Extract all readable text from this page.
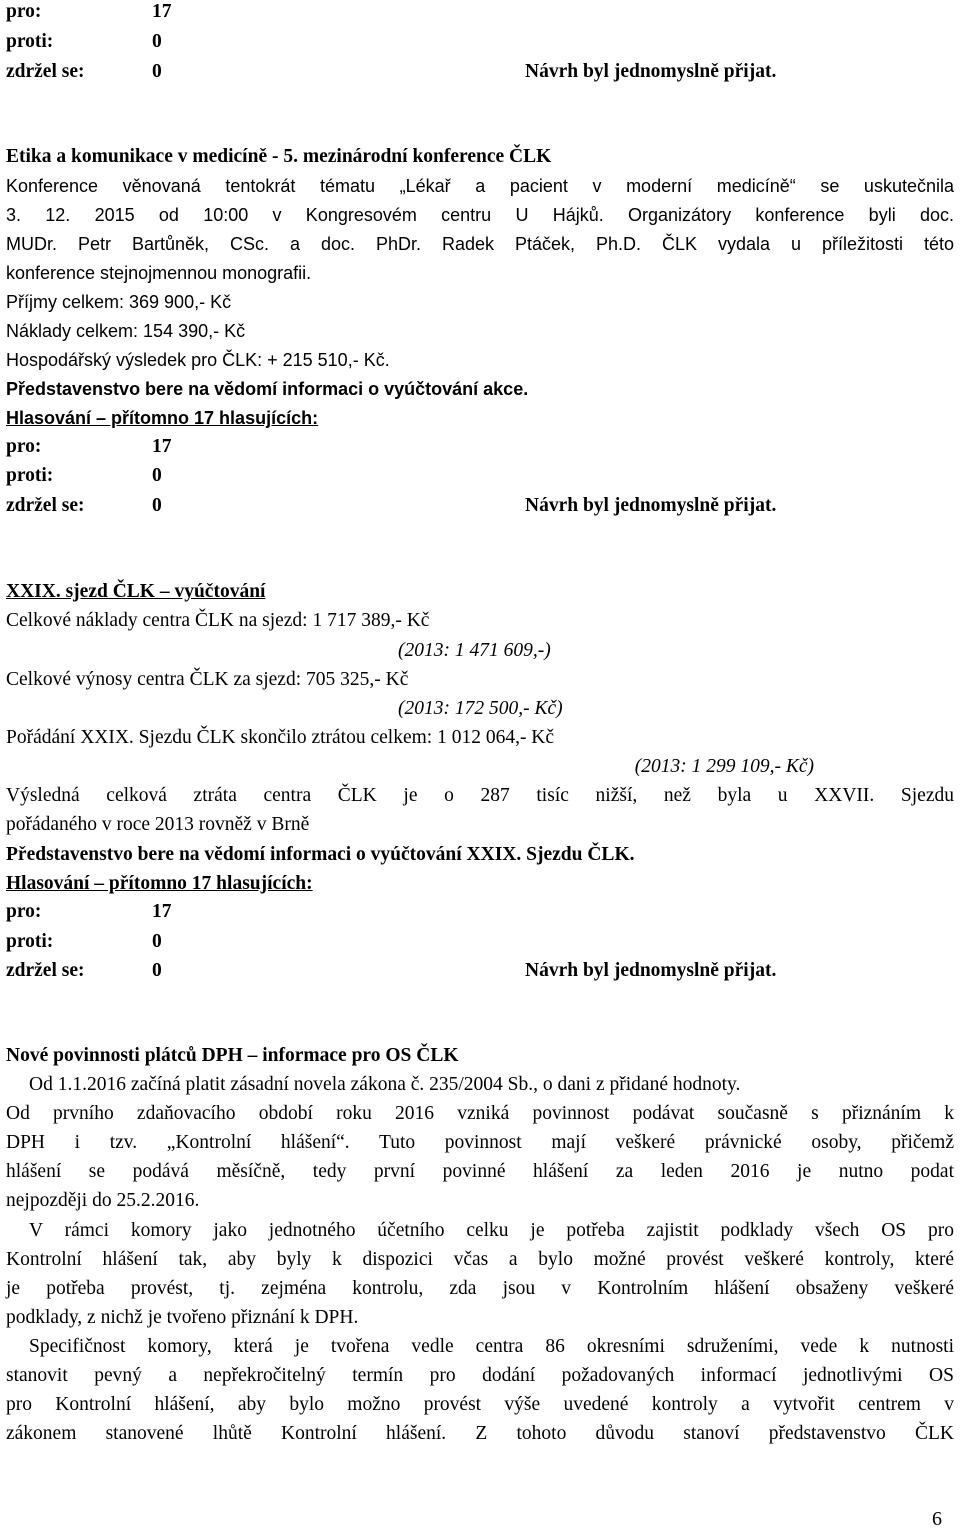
pro:	17
proti:	0
zdržel se:	0	Návrh byl jednomyslně přijat.
Etika a komunikace v medicíně - 5. mezinárodní konference ČLK
Konference věnovaná tentokrát tématu „Lékař a pacient v moderní medicíně“ se uskutečnila
3. 12. 2015 od 10:00 v Kongresovém centru U Hájků. Organizátory konference byli doc.
MUDr. Petr Bartůněk, CSc. a doc. PhDr. Radek Ptáček, Ph.D. ČLK vydala u příležitosti této
konference stejnojmennou monografii.
Příjmy celkem: 369 900,- Kč
Náklady celkem: 154 390,- Kč
Hospodářský výsledek pro ČLK: + 215 510,- Kč.
Představenstvo bere na vědomí informaci o vyúčtování akce.
Hlasování – přítomno 17 hlasujících:
pro:	17
proti:	0
zdržel se:	0	Návrh byl jednomyslně přijat.
XXIX. sjezd ČLK – vyúčtování
Celkové náklady centra ČLK na sjezd: 1 717 389,- Kč
(2013: 1 471 609,-)
Celkové výnosy centra ČLK za sjezd: 705 325,- Kč
(2013: 172 500,- Kč)
Pořádání XXIX. Sjezdu ČLK skončilo ztrátou celkem: 1 012 064,- Kč
(2013: 1 299 109,- Kč)
Výsledná celková ztráta centra ČLK je o 287 tisíc nižší, než byla u XXVII. Sjezdu
pořádaného v roce 2013 rovněž v Brně
Představenstvo bere na vědomí informaci o vyúčtování XXIX. Sjezdu ČLK.
Hlasování – přítomno 17 hlasujících:
pro:	17
proti:	0
zdržel se:	0	Návrh byl jednomyslně přijat.
Nové povinnosti plátců DPH – informace pro OS ČLK
Od 1.1.2016 začíná platit zásadní novela zákona č. 235/2004 Sb., o dani z přidané hodnoty.
Od prvního zdaňovacího období roku 2016 vzniká povinnost podávat současně s přiznáním k
DPH i tzv. „Kontrolní hlášení“. Tuto povinnost mají veškeré právnické osoby, přičemž
hlášení se podává měsíčně, tedy první povinné hlášení za leden 2016 je nutno podat
nejpozději do 25.2.2016.
V rámci komory jako jednotného účetního celku je potřeba zajistit podklady všech OS pro
Kontrolní hlášení tak, aby byly k dispozici včas a bylo možné provést veškeré kontroly, které
je potřeba provést, tj. zejména kontrolu, zda jsou v Kontrolním hlášení obsaženy veškeré
podklady, z nichž je tvořeno přiznání k DPH.
Specifičnost komory, která je tvořena vedle centra 86 okresními sdruženími, vede k nutnosti
stanovit pevný a nepřekročitelný termín pro dodání požadovaných informací jednotlivými OS
pro Kontrolní hlášení, aby bylo možno provést výše uvedené kontroly a vytvořit centrem v
zákonem stanovené lhůtě Kontrolní hlášení. Z tohoto důvodu stanoví představenstvo ČLK
6
